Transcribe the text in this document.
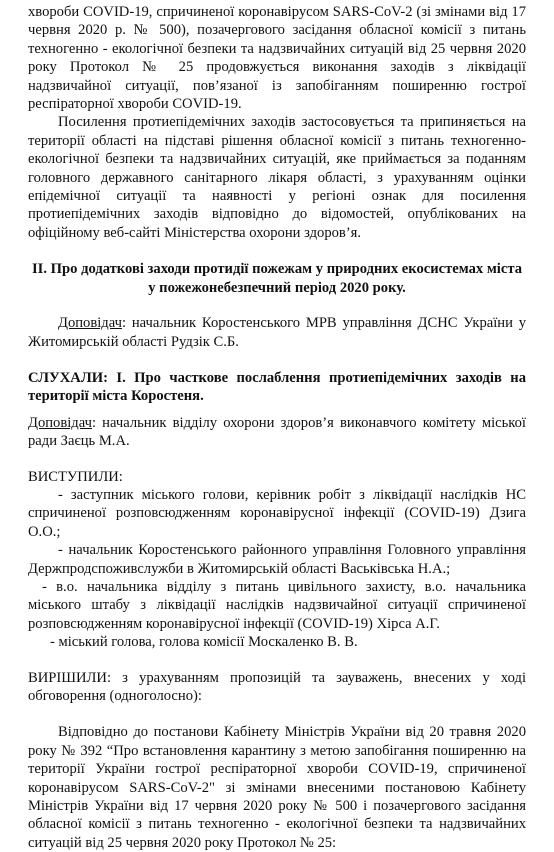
хвороби COVID-19, спричиненої коронавірусом SARS-CoV-2 (зі змінами від 17 червня 2020 р. № 500), позачергового засідання обласної комісії з питань техногенно - екологічної безпеки та надзвичайних ситуацій від 25 червня 2020 року Протокол № 25 продовжується виконання заходів з ліквідації надзвичайної ситуації, пов’язаної із запобіганням поширенню гострої респіраторної хвороби COVID-19.

Посилення протиепідемічних заходів застосовується та припиняється на території області на підставі рішення обласної комісії з питань техногенно- екологічної безпеки та надзвичайних ситуацій, яке приймається за поданням головного державного санітарного лікаря області, з урахуванням оцінки епідемічної ситуації та наявності у регіоні ознак для посилення протиепідемічних заходів відповідно до відомостей, опублікованих на офіційному веб-сайті Міністерства охорони здоров’я.

II. Про додаткові заходи протидії пожежам у природних екосистемах міста у пожежонебезпечний період 2020 року.

Доповідач: начальник Коростенського МРВ управління ДСНС України у Житомирській області Рудзік С.Б.

СЛУХАЛИ: І. Про часткове послаблення протиепідемічних заходів на території міста Коростеня.

Доповідач: начальник відділу охорони здоров’я виконавчого комітету міської ради Заєць М.А.

ВИСТУПИЛИ:

- заступник міського голови, керівник робіт з ліквідації наслідків НС спричиненої розповсюдженням коронавірусної інфекції (COVID-19) Дзига О.О.;

- начальник Коростенського районного управління Головного управління Держпродспоживслужби в Житомирській області Васьківська Н.А.;

- в.о. начальника відділу з питань цивільного захисту, в.о. начальника міського штабу з ліквідації наслідків надзвичайної ситуації спричиненої розповсюдженням коронавірусної інфекції (COVID-19) Хірса А.Г.

- міський голова, голова комісії Москаленко В. В.

ВИРІШИЛИ: з урахуванням пропозицій та зауважень, внесених у ході обговорення (одноголосно):

Відповідно до постанови Кабінету Міністрів України від 20 травня 2020 року № 392 “Про встановлення карантину з метою запобігання поширенню на території України гострої респіраторної хвороби COVID-19, спричиненої коронавірусом SARS-CoV-2" зі змінами внесеними постановою Кабінету Міністрів України від 17 червня 2020 року № 500 і позачергового засідання обласної комісії з питань техногенно - екологічної безпеки та надзвичайних ситуацій від 25 червня 2020 року Протокол № 25:
